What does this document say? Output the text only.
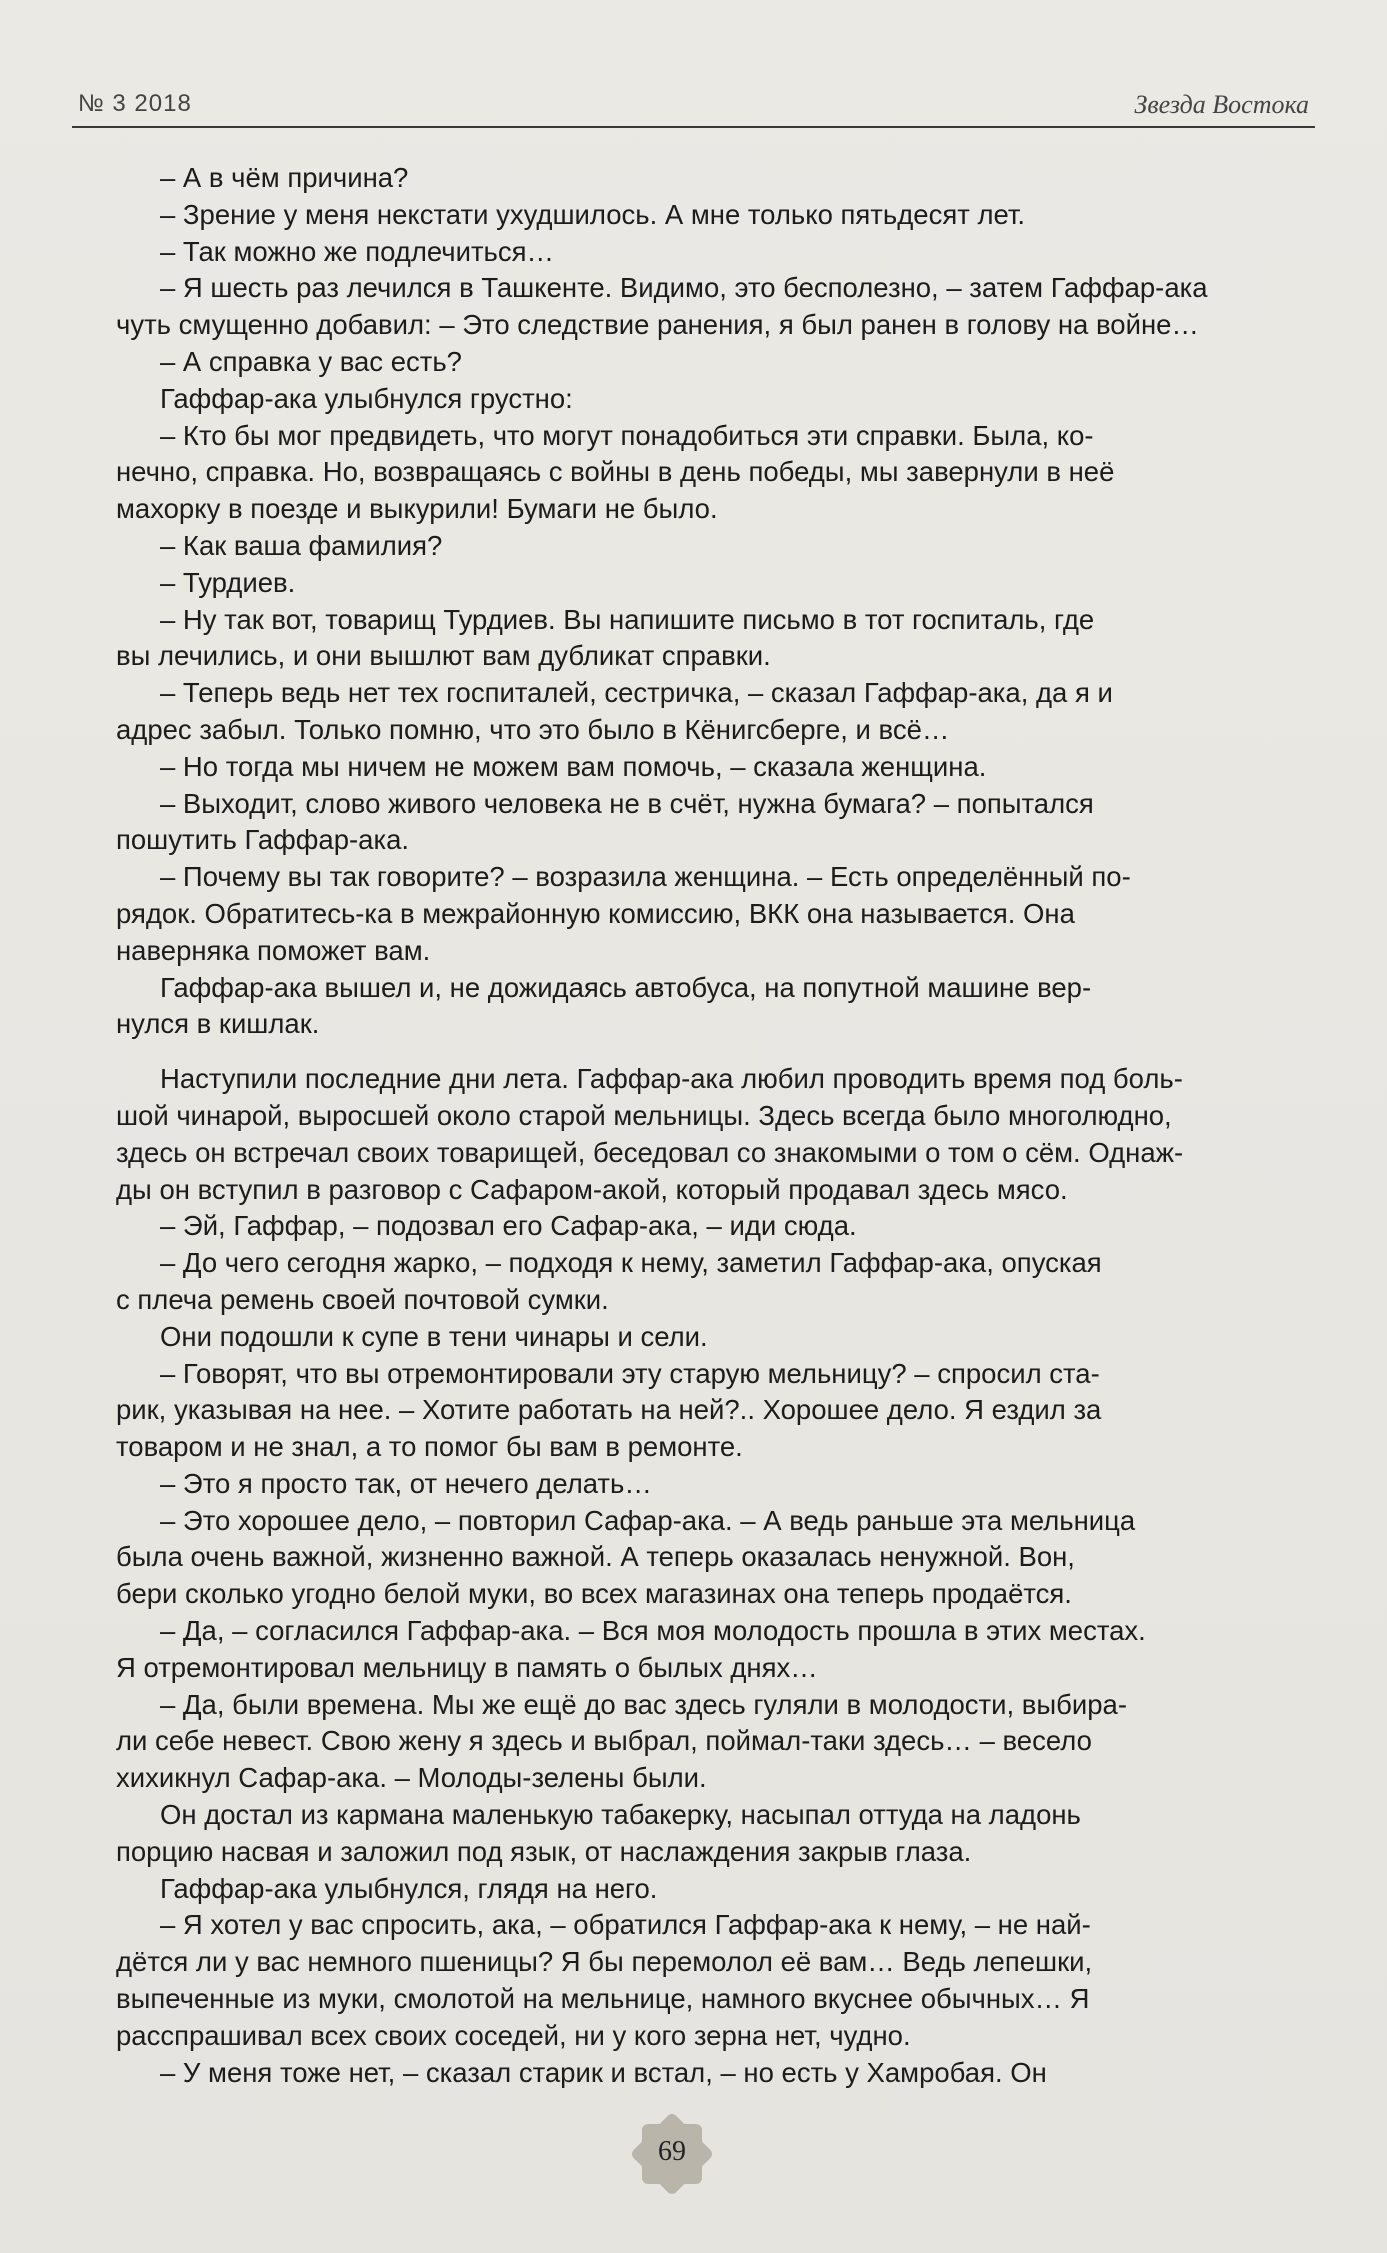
№ 3 2018	Звезда Востока
– А в чём причина?
– Зрение у меня некстати ухудшилось. А мне только пятьдесят лет.
– Так можно же подлечиться…
– Я шесть раз лечился в Ташкенте. Видимо, это бесполезно, – затем Гаффар-ака
чуть смущенно добавил: – Это следствие ранения, я был ранен в голову на войне…
– А справка у вас есть?
Гаффар-ака улыбнулся грустно:
– Кто бы мог предвидеть, что могут понадобиться эти справки. Была, ко-
нечно, справка. Но, возвращаясь с войны в день победы, мы завернули в неё
махорку в поезде и выкурили! Бумаги не было.
– Как ваша фамилия?
– Турдиев.
– Ну так вот, товарищ Турдиев. Вы напишите письмо в тот госпиталь, где
вы лечились, и они вышлют вам дубликат справки.
– Теперь ведь нет тех госпиталей, сестричка, – сказал Гаффар-ака, да я и
адрес забыл. Только помню, что это было в Кёнигсберге, и всё…
– Но тогда мы ничем не можем вам помочь, – сказала женщина.
– Выходит, слово живого человека не в счёт, нужна бумага? – попытался
пошутить Гаффар-ака.
– Почему вы так говорите? – возразила женщина. – Есть определённый по-
рядок. Обратитесь-ка в межрайонную комиссию, ВКК она называется. Она
наверняка поможет вам.
Гаффар-ака вышел и, не дожидаясь автобуса, на попутной машине вер-
нулся в кишлак.
Наступили последние дни лета. Гаффар-ака любил проводить время под боль-
шой чинарой, выросшей около старой мельницы. Здесь всегда было многолюдно,
здесь он встречал своих товарищей, беседовал со знакомыми о том о сём. Однаж-
ды он вступил в разговор с Сафаром-акой, который продавал здесь мясо.
– Эй, Гаффар, – подозвал его Сафар-ака, – иди сюда.
– До чего сегодня жарко, – подходя к нему, заметил Гаффар-ака, опуская
с плеча ремень своей почтовой сумки.
Они подошли к супе в тени чинары и сели.
– Говорят, что вы отремонтировали эту старую мельницу? – спросил ста-
рик, указывая на нее. – Хотите работать на ней?.. Хорошее дело. Я ездил за
товаром и не знал, а то помог бы вам в ремонте.
– Это я просто так, от нечего делать…
– Это хорошее дело, – повторил Сафар-ака. – А ведь раньше эта мельница
была очень важной, жизненно важной. А теперь оказалась ненужной. Вон,
бери сколько угодно белой муки, во всех магазинах она теперь продаётся.
– Да, – согласился Гаффар-ака. – Вся моя молодость прошла в этих местах.
Я отремонтировал мельницу в память о былых днях…
– Да, были времена. Мы же ещё до вас здесь гуляли в молодости, выбира-
ли себе невест. Свою жену я здесь и выбрал, поймал-таки здесь… – весело
хихикнул Сафар-ака. – Молоды-зелены были.
Он достал из кармана маленькую табакерку, насыпал оттуда на ладонь
порцию насвая и заложил под язык, от наслаждения закрыв глаза.
Гаффар-ака улыбнулся, глядя на него.
– Я хотел у вас спросить, ака, – обратился Гаффар-ака к нему, – не най-
дётся ли у вас немного пшеницы? Я бы перемолол её вам… Ведь лепешки,
выпеченные из муки, смолотой на мельнице, намного вкуснее обычных… Я
расспрашивал всех своих соседей, ни у кого зерна нет, чудно.
– У меня тоже нет, – сказал старик и встал, – но есть у Хамробая. Он
69
